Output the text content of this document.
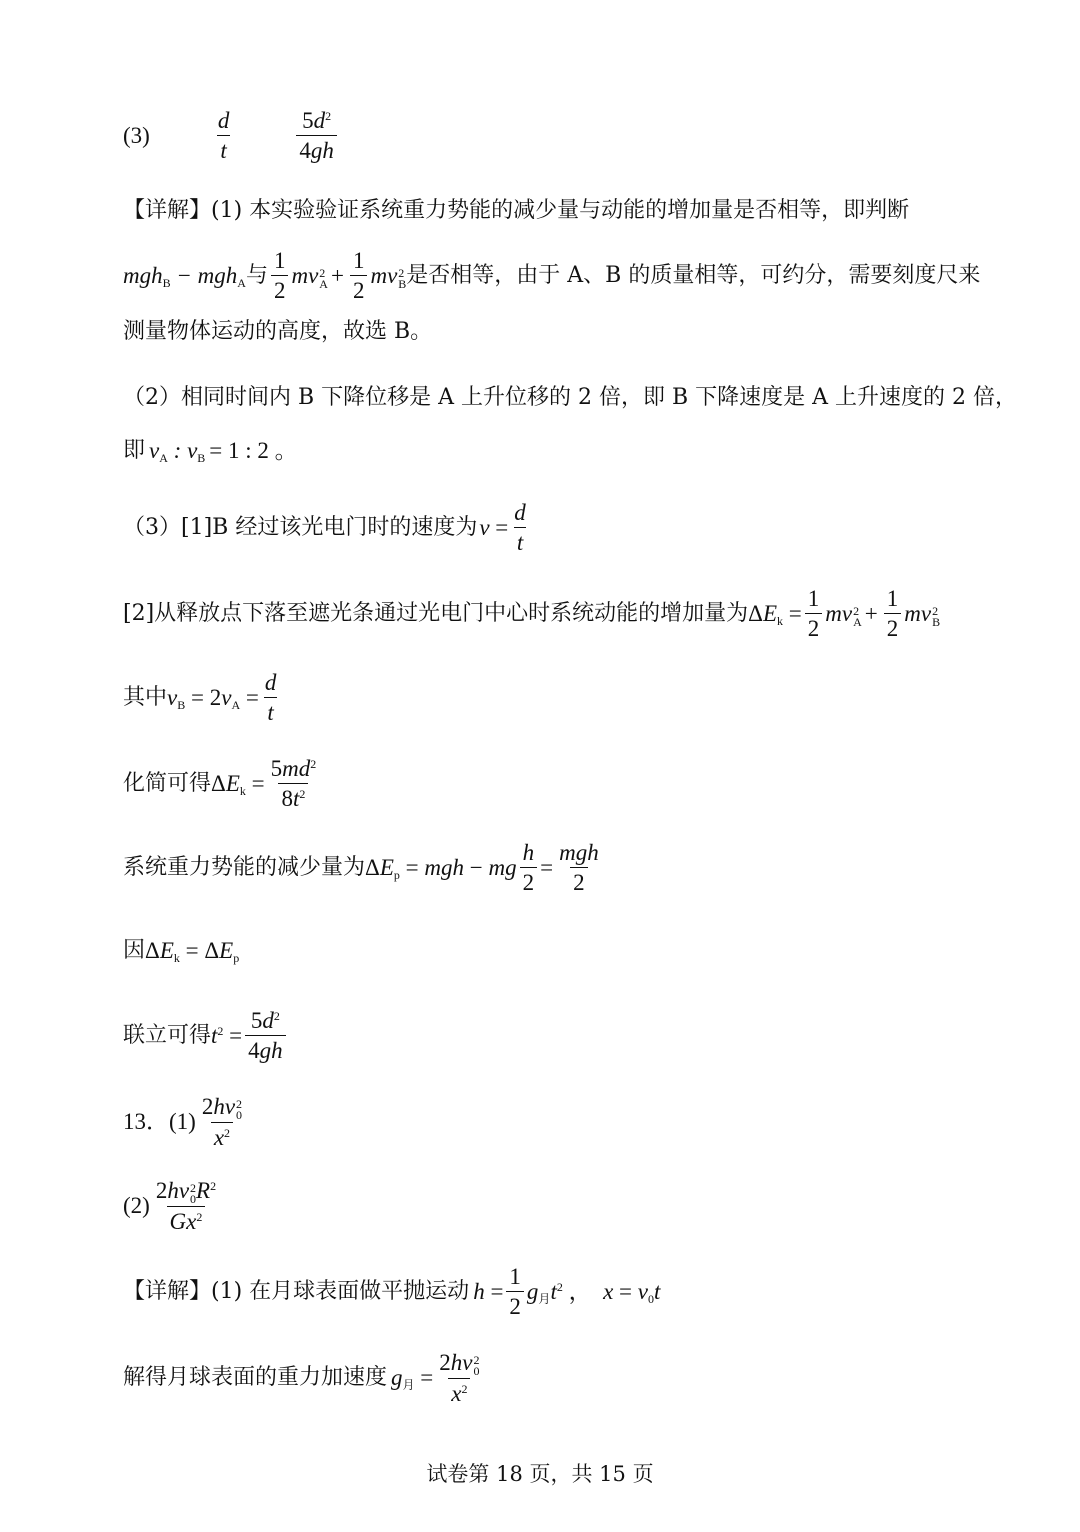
(3)
d
t
$5d^2$
4gh
【详解】 (1) 本实验验证系统重力势能的减少量与动能的增加量是否相等，即判断
mgh$_B$ − mgh$_A$ 与
1
2
mv 2
$A + \frac{1}{2}$ mv 2
B 是否相等，由于 A、B 的质量相等，可约分，需要刻度尺来
测量物体运动的高度，故选 B。
（2）相同时间内 B 下降位移是 A 上升位移的 2 倍，即 B 下降速度是 A 上升速度的 2 倍，
即 $v_A$ : $v_B = 1$ : 2 。
（3）[1]B 经过该光电门时的速度为 $v = \frac{d}{t}$
[2]从释放点下落至遮光条通过光电门中心时系统动能的增加量为 $\Delta E_k = \frac{1}{2}$ mv 2
$A + \frac{1}{2}$ mv 2
B
其中 $v_B = 2v_A = \frac{d}{t}$
化简可得 $\Delta E_k = \frac{5md^2}{8t^2}$
系统重力势能的减少量为 $\Delta E_p$ = mgh − mg $\frac{h}{2}$ =
mgh
2
因 $\Delta E_k = \Delta E_p$
联立可得 $t^2 = \frac{5d^2}{4gh}$
13．(1)
2hv 2
0
$x^2$
(2)
2hv 2
0 $R^2$
Gx$^2$
【详解】 (1) 在月球表面做平抛运动 $h = \frac{1}{2} g_月t^2$ ，  $x = v_0t$
解得月球表面的重力加速度 $g_月 = 2hv$ 2
0
$x^2$
试卷第 18 页，共 15 页
